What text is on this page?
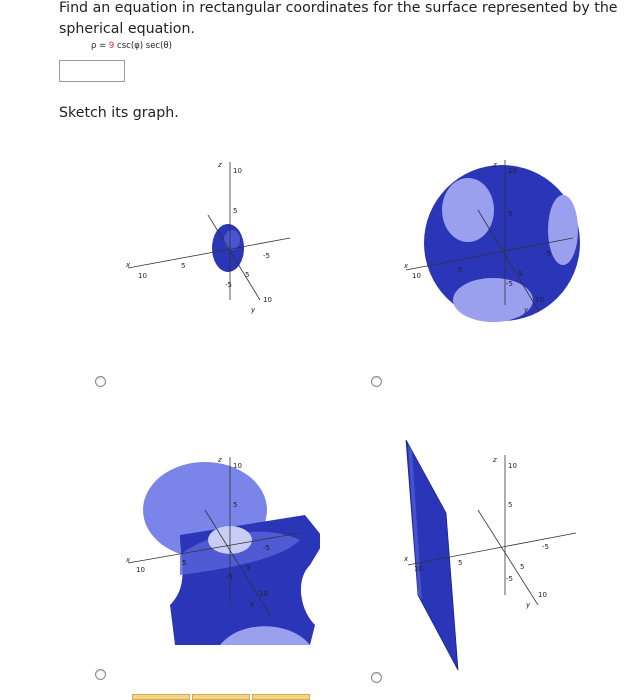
Find an equation in rectangular coordinates for the surface represented by the spherical equation.
ρ = 9 csc(φ) sec(θ)
Sketch its graph.
z
10
5
-5
x
10
5
5
-5
10
y
z
10
5
-5
x
10
5	5
-5
10
y
z
10
5
-5
x
10
5
5
-5
10
y
z
10
5
-5
x
10
5	5
-5
10
y
